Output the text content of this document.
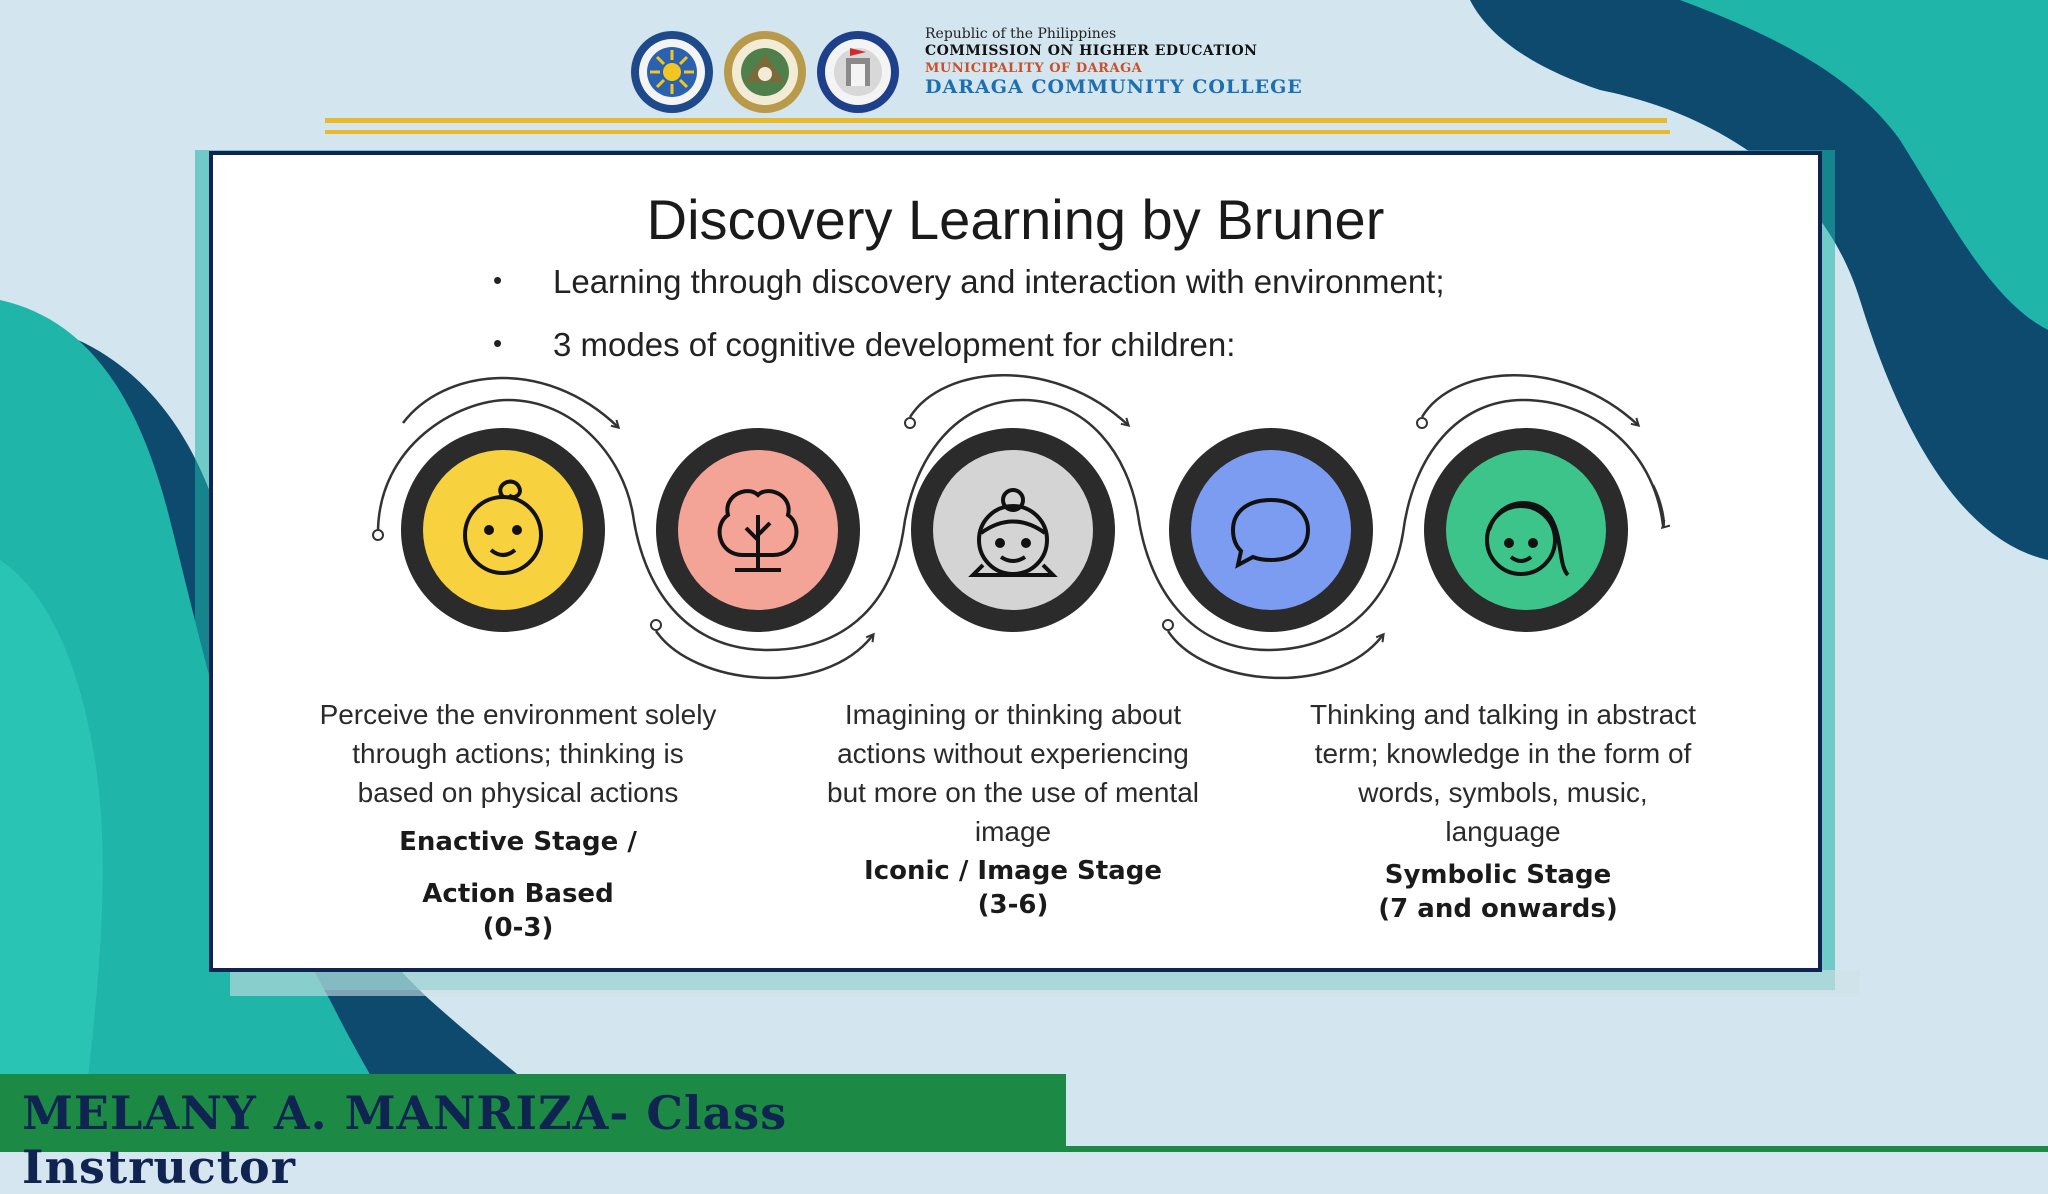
Republic of the Philippines
COMMISSION ON HIGHER EDUCATION
MUNICIPALITY OF DARAGA
DARAGA COMMUNITY COLLEGE
Discovery Learning by Bruner
• Learning through discovery and interaction with environment;
• 3 modes of cognitive development for children:
Perceive the environment solely
through actions; thinking is
based on physical actions
Enactive Stage /
Action Based
(0-3)
Imagining or thinking about
actions without experiencing
but more on the use of mental
image
Iconic / Image Stage
(3-6)
Thinking and talking in abstract
term; knowledge in the form of
words, symbols, music,
language
Symbolic Stage
(7 and onwards)
MELANY A. MANRIZA- Class Instructor
